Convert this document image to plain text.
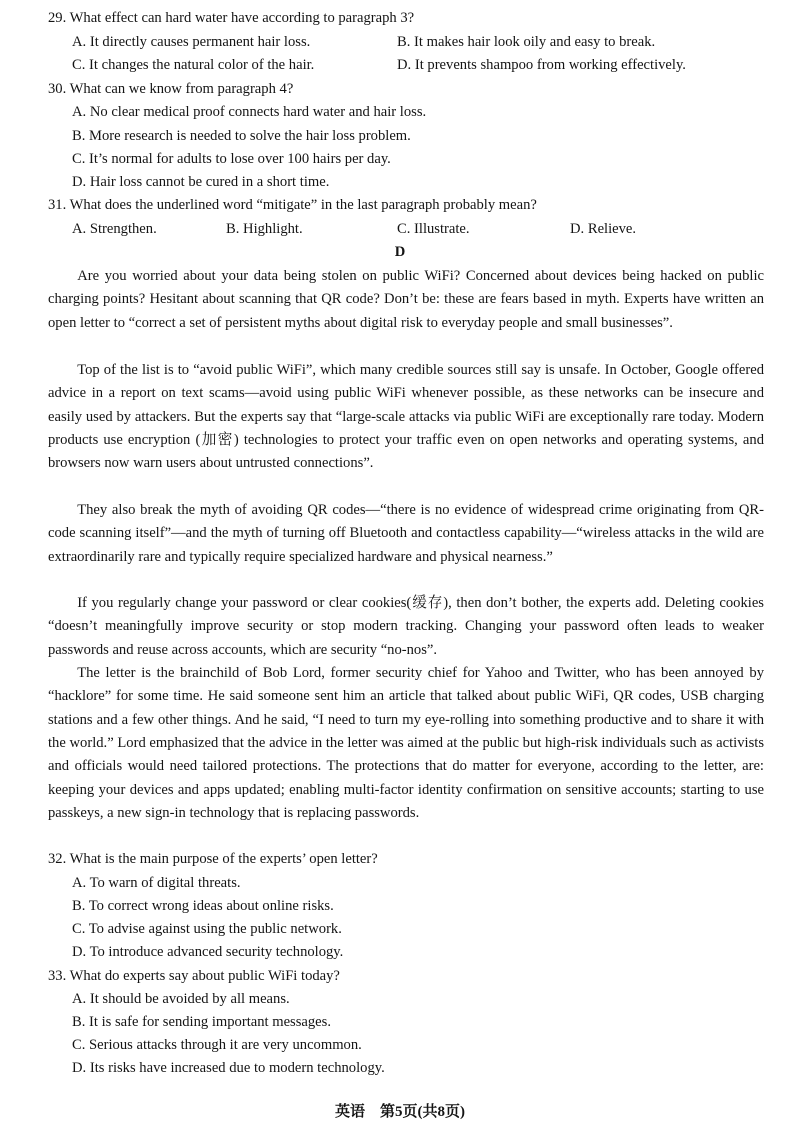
29. What effect can hard water have according to paragraph 3?
A. It directly causes permanent hair loss.	B. It makes hair look oily and easy to break.
C. It changes the natural color of the hair.	D. It prevents shampoo from working effectively.
30. What can we know from paragraph 4?
A. No clear medical proof connects hard water and hair loss.
B. More research is needed to solve the hair loss problem.
C. It’s normal for adults to lose over 100 hairs per day.
D. Hair loss cannot be cured in a short time.
31. What does the underlined word “mitigate” in the last paragraph probably mean?
A. Strengthen.	B. Highlight.	C. Illustrate.	D. Relieve.
D
Are you worried about your data being stolen on public WiFi? Concerned about devices being hacked on public charging points? Hesitant about scanning that QR code? Don’t be: these are fears based in myth. Experts have written an open letter to “correct a set of persistent myths about digital risk to everyday people and small businesses”.
Top of the list is to “avoid public WiFi”, which many credible sources still say is unsafe. In October, Google offered advice in a report on text scams—avoid using public WiFi whenever possible, as these networks can be insecure and easily used by attackers. But the experts say that “large-scale attacks via public WiFi are exceptionally rare today. Modern products use encryption (加密) technologies to protect your traffic even on open networks and operating systems, and browsers now warn users about untrusted connections”.
They also break the myth of avoiding QR codes—“there is no evidence of widespread crime originating from QR-code scanning itself”—and the myth of turning off Bluetooth and contactless capability—“wireless attacks in the wild are extraordinarily rare and typically require specialized hardware and physical nearness.”
If you regularly change your password or clear cookies(缓存), then don’t bother, the experts add. Deleting cookies “doesn’t meaningfully improve security or stop modern tracking. Changing your password often leads to weaker passwords and reuse across accounts, which are security “no-nos”.
The letter is the brainchild of Bob Lord, former security chief for Yahoo and Twitter, who has been annoyed by “hacklore” for some time. He said someone sent him an article that talked about public WiFi, QR codes, USB charging stations and a few other things. And he said, “I need to turn my eye-rolling into something productive and to share it with the world.” Lord emphasized that the advice in the letter was aimed at the public but high-risk individuals such as activists and officials would need tailored protections. The protections that do matter for everyone, according to the letter, are: keeping your devices and apps updated; enabling multi-factor identity confirmation on sensitive accounts; starting to use passkeys, a new sign-in technology that is replacing passwords.
32. What is the main purpose of the experts’ open letter?
A. To warn of digital threats.
B. To correct wrong ideas about online risks.
C. To advise against using the public network.
D. To introduce advanced security technology.
33. What do experts say about public WiFi today?
A. It should be avoided by all means.
B. It is safe for sending important messages.
C. Serious attacks through it are very uncommon.
D. Its risks have increased due to modern technology.
英语　第5页(共8页)
